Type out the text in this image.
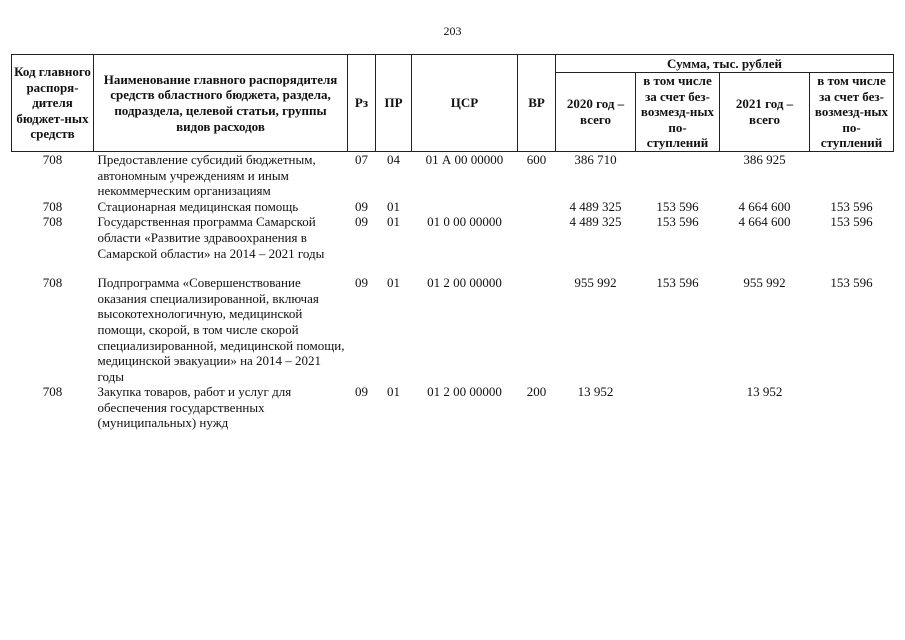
203
Код главного распоря-дителя бюджет-ных средств	Наименование главного распорядителя средств областного бюджета, раздела, подраздела, целевой статьи, группы видов расходов	Рз	ПР	ЦСР	ВР	Сумма, тыс. рублей			
						2020 год – всего	в том числе за счет без-возмезд-ных по-ступлений	2021 год – всего	в том числе за счет без-возмезд-ных по-ступлений
708	Предоставление субсидий бюджетным, автономным учреждениям и иным некоммерческим организациям	07	04	01 А 00 00000	600	386 710		386 925	
708	Стационарная медицинская помощь	09	01			4 489 325	153 596	4 664 600	153 596
708	Государственная программа Самарской области «Развитие здравоохранения в Самарской области» на 2014 – 2021 годы	09	01	01 0 00 00000		4 489 325	153 596	4 664 600	153 596
708	Подпрограмма «Совершенствование оказания специализированной, включая высокотехнологичную, медицинской помощи, скорой, в том числе скорой специализированной, медицинской помощи, медицинской эвакуации» на 2014 – 2021 годы	09	01	01 2 00 00000		955 992	153 596	955 992	153 596
708	Закупка товаров, работ и услуг для обеспечения государственных (муниципальных) нужд	09	01	01 2 00 00000	200	13 952		13 952	
